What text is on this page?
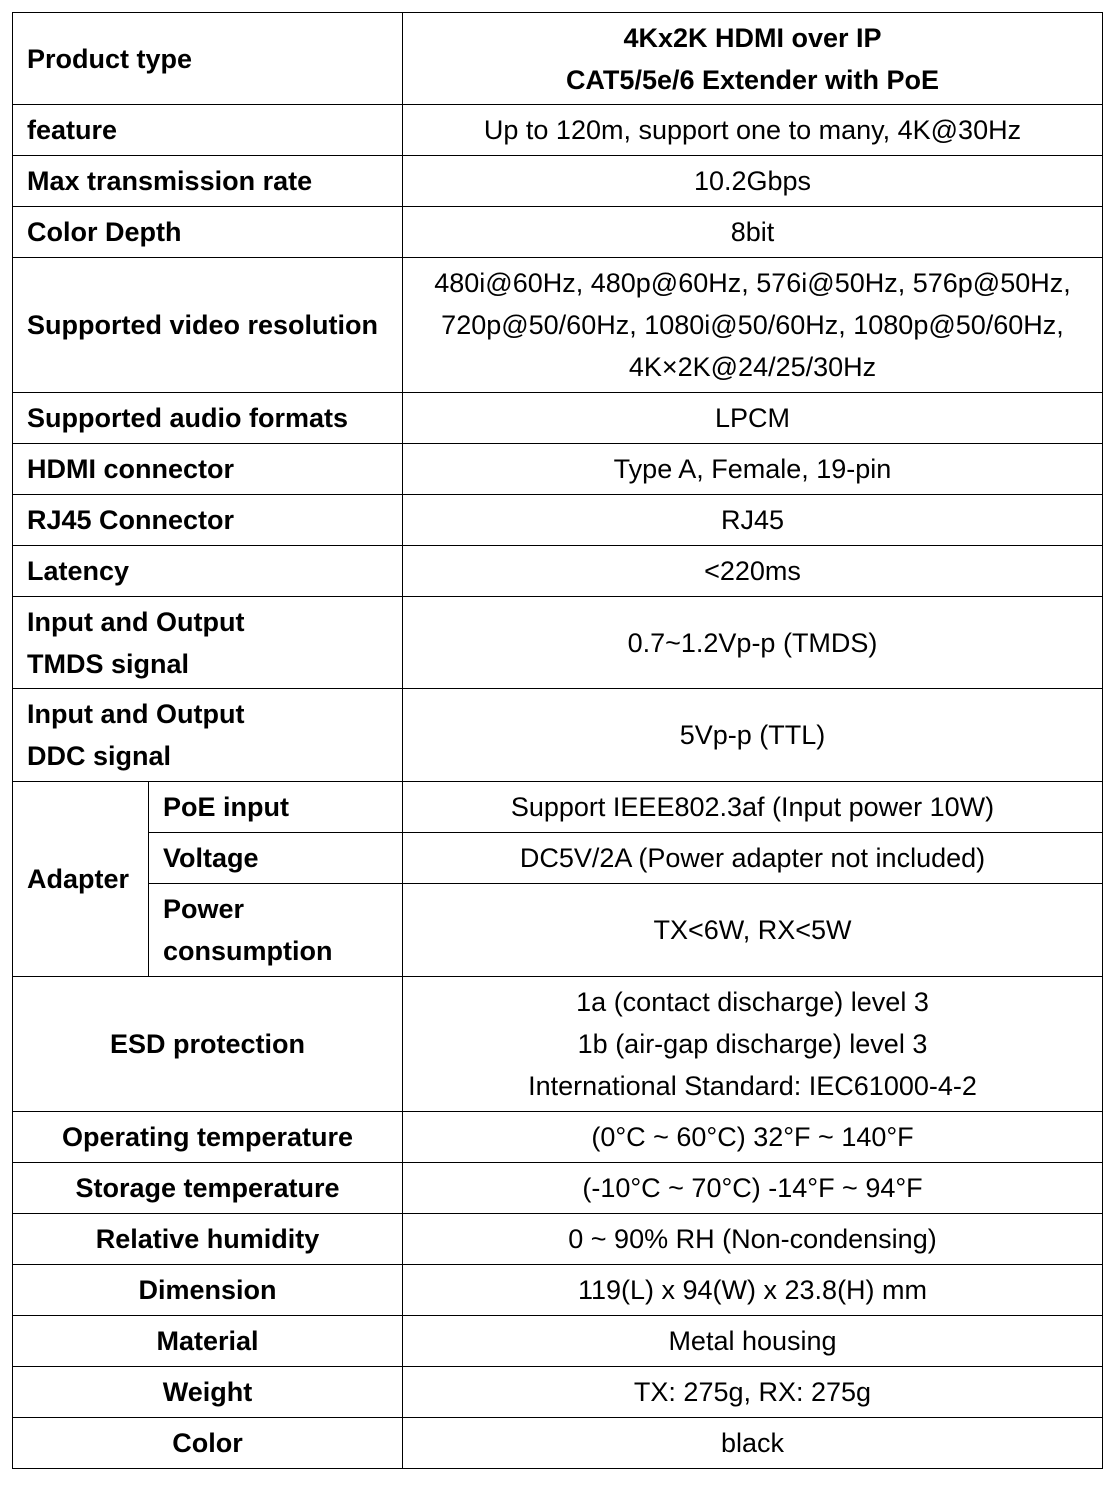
Product type		4Kx2K HDMI over IP
CAT5/5e/6 Extender with PoE

feature		Up to 120m, support one to many, 4K@30Hz
Max transmission rate		10.2Gbps
Color Depth		8bit
Supported video resolution		480i@60Hz, 480p@60Hz, 576i@50Hz, 576p@50Hz,
720p@50/60Hz, 1080i@50/60Hz, 1080p@50/60Hz,
4K×2K@24/25/30Hz

Supported audio formats		LPCM
HDMI connector		Type A, Female, 19-pin
RJ45 Connector		RJ45
Latency		<220ms

Input and Output
TMDS signal		0.7~1.2Vp-p (TMDS)

Input and Output
DDC signal		5Vp-p (TTL)
Adapter	PoE input	Support IEEE802.3af (Input power 10W)
	Voltage	DC5V/2A (Power adapter not included)

	Power
consumption	TX<6W, RX<5W
ESD protection		1a (contact discharge) level 3
1b (air-gap discharge) level 3
International Standard: IEC61000-4-2

Operating temperature		(0°C ~ 60°C) 32°F ~ 140°F
Storage temperature		(-10°C ~ 70°C) -14°F ~ 94°F
Relative humidity		0 ~ 90% RH (Non-condensing)
Dimension		119(L) x 94(W) x 23.8(H) mm
Material		Metal housing
Weight		TX: 275g, RX: 275g
Color		black
